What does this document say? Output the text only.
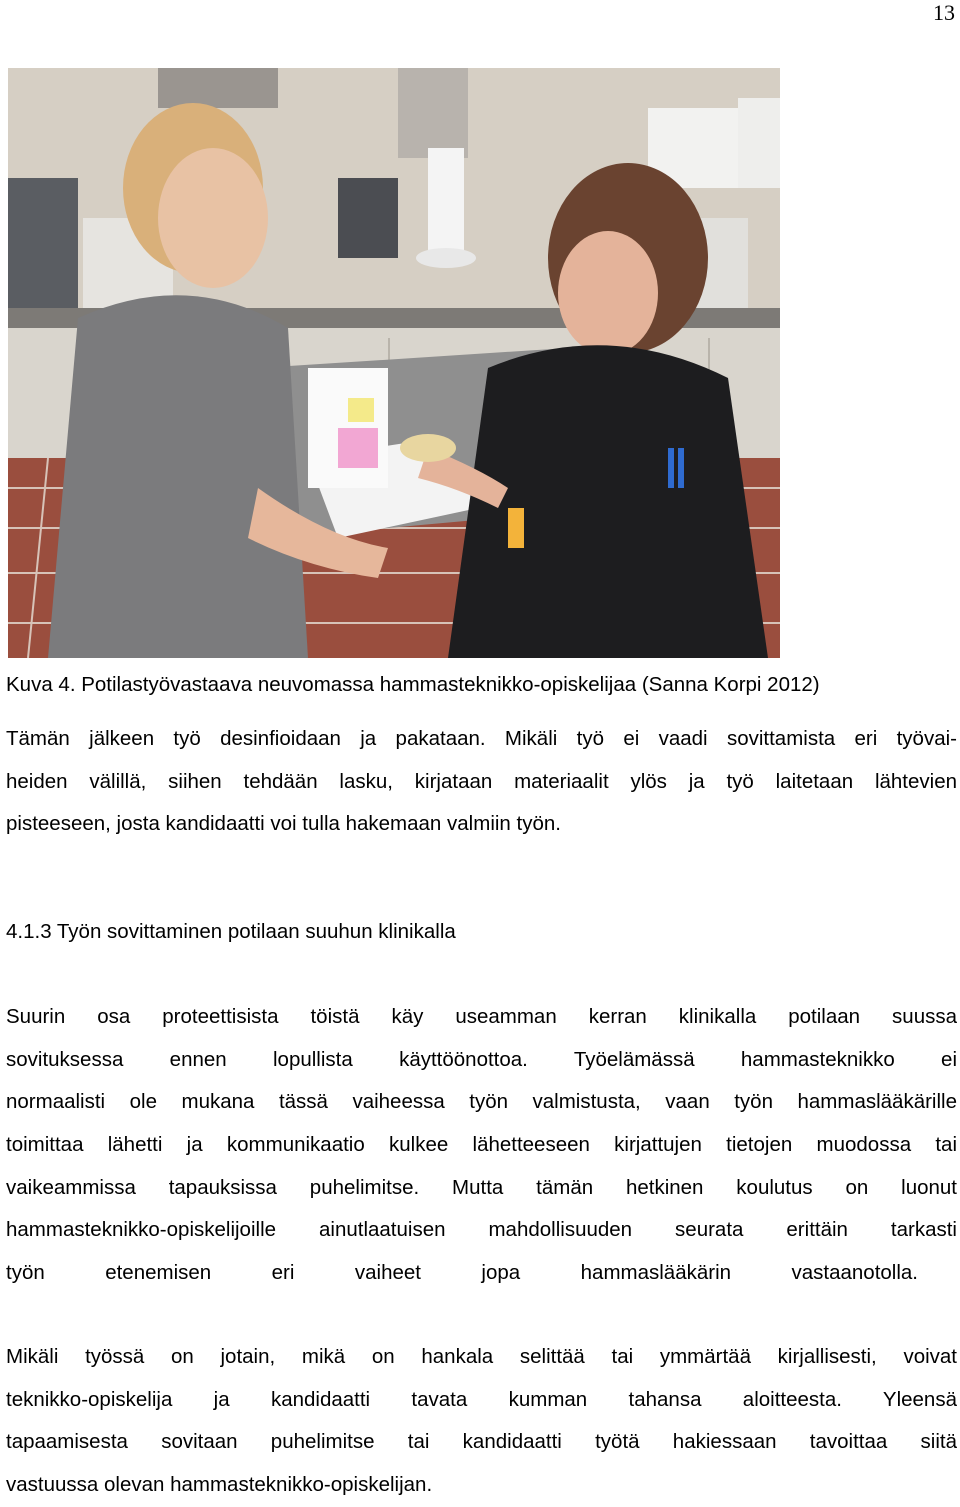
13
Kuva 4. Potilastyövastaava neuvomassa hammasteknikko-opiskelijaa (Sanna Korpi 2012)
Tämän jälkeen työ desinfioidaan ja pakataan. Mikäli työ ei vaadi sovittamista eri työvai-
heiden välillä, siihen tehdään lasku, kirjataan materiaalit ylös ja työ laitetaan lähtevien
pisteeseen, josta kandidaatti voi tulla hakemaan valmiin työn.
4.1.3 Työn sovittaminen potilaan suuhun klinikalla
Suurin osa proteettisista töistä käy useamman kerran klinikalla potilaan suussa
sovituksessa ennen lopullista käyttöönottoa. Työelämässä hammasteknikko ei
normaalisti ole mukana tässä vaiheessa työn valmistusta, vaan työn hammaslääkärille
toimittaa lähetti ja kommunikaatio kulkee lähetteeseen kirjattujen tietojen muodossa tai
vaikeammissa tapauksissa puhelimitse. Mutta tämän hetkinen koulutus on luonut
hammasteknikko-opiskelijoille ainutlaatuisen mahdollisuuden seurata erittäin tarkasti
työn etenemisen eri vaiheet jopa hammaslääkärin vastaanotolla.
Mikäli työssä on jotain, mikä on hankala selittää tai ymmärtää kirjallisesti, voivat
teknikko-opiskelija ja kandidaatti tavata kumman tahansa aloitteesta. Yleensä
tapaamisesta sovitaan puhelimitse tai kandidaatti työtä hakiessaan tavoittaa siitä
vastuussa olevan hammasteknikko-opiskelijan.
